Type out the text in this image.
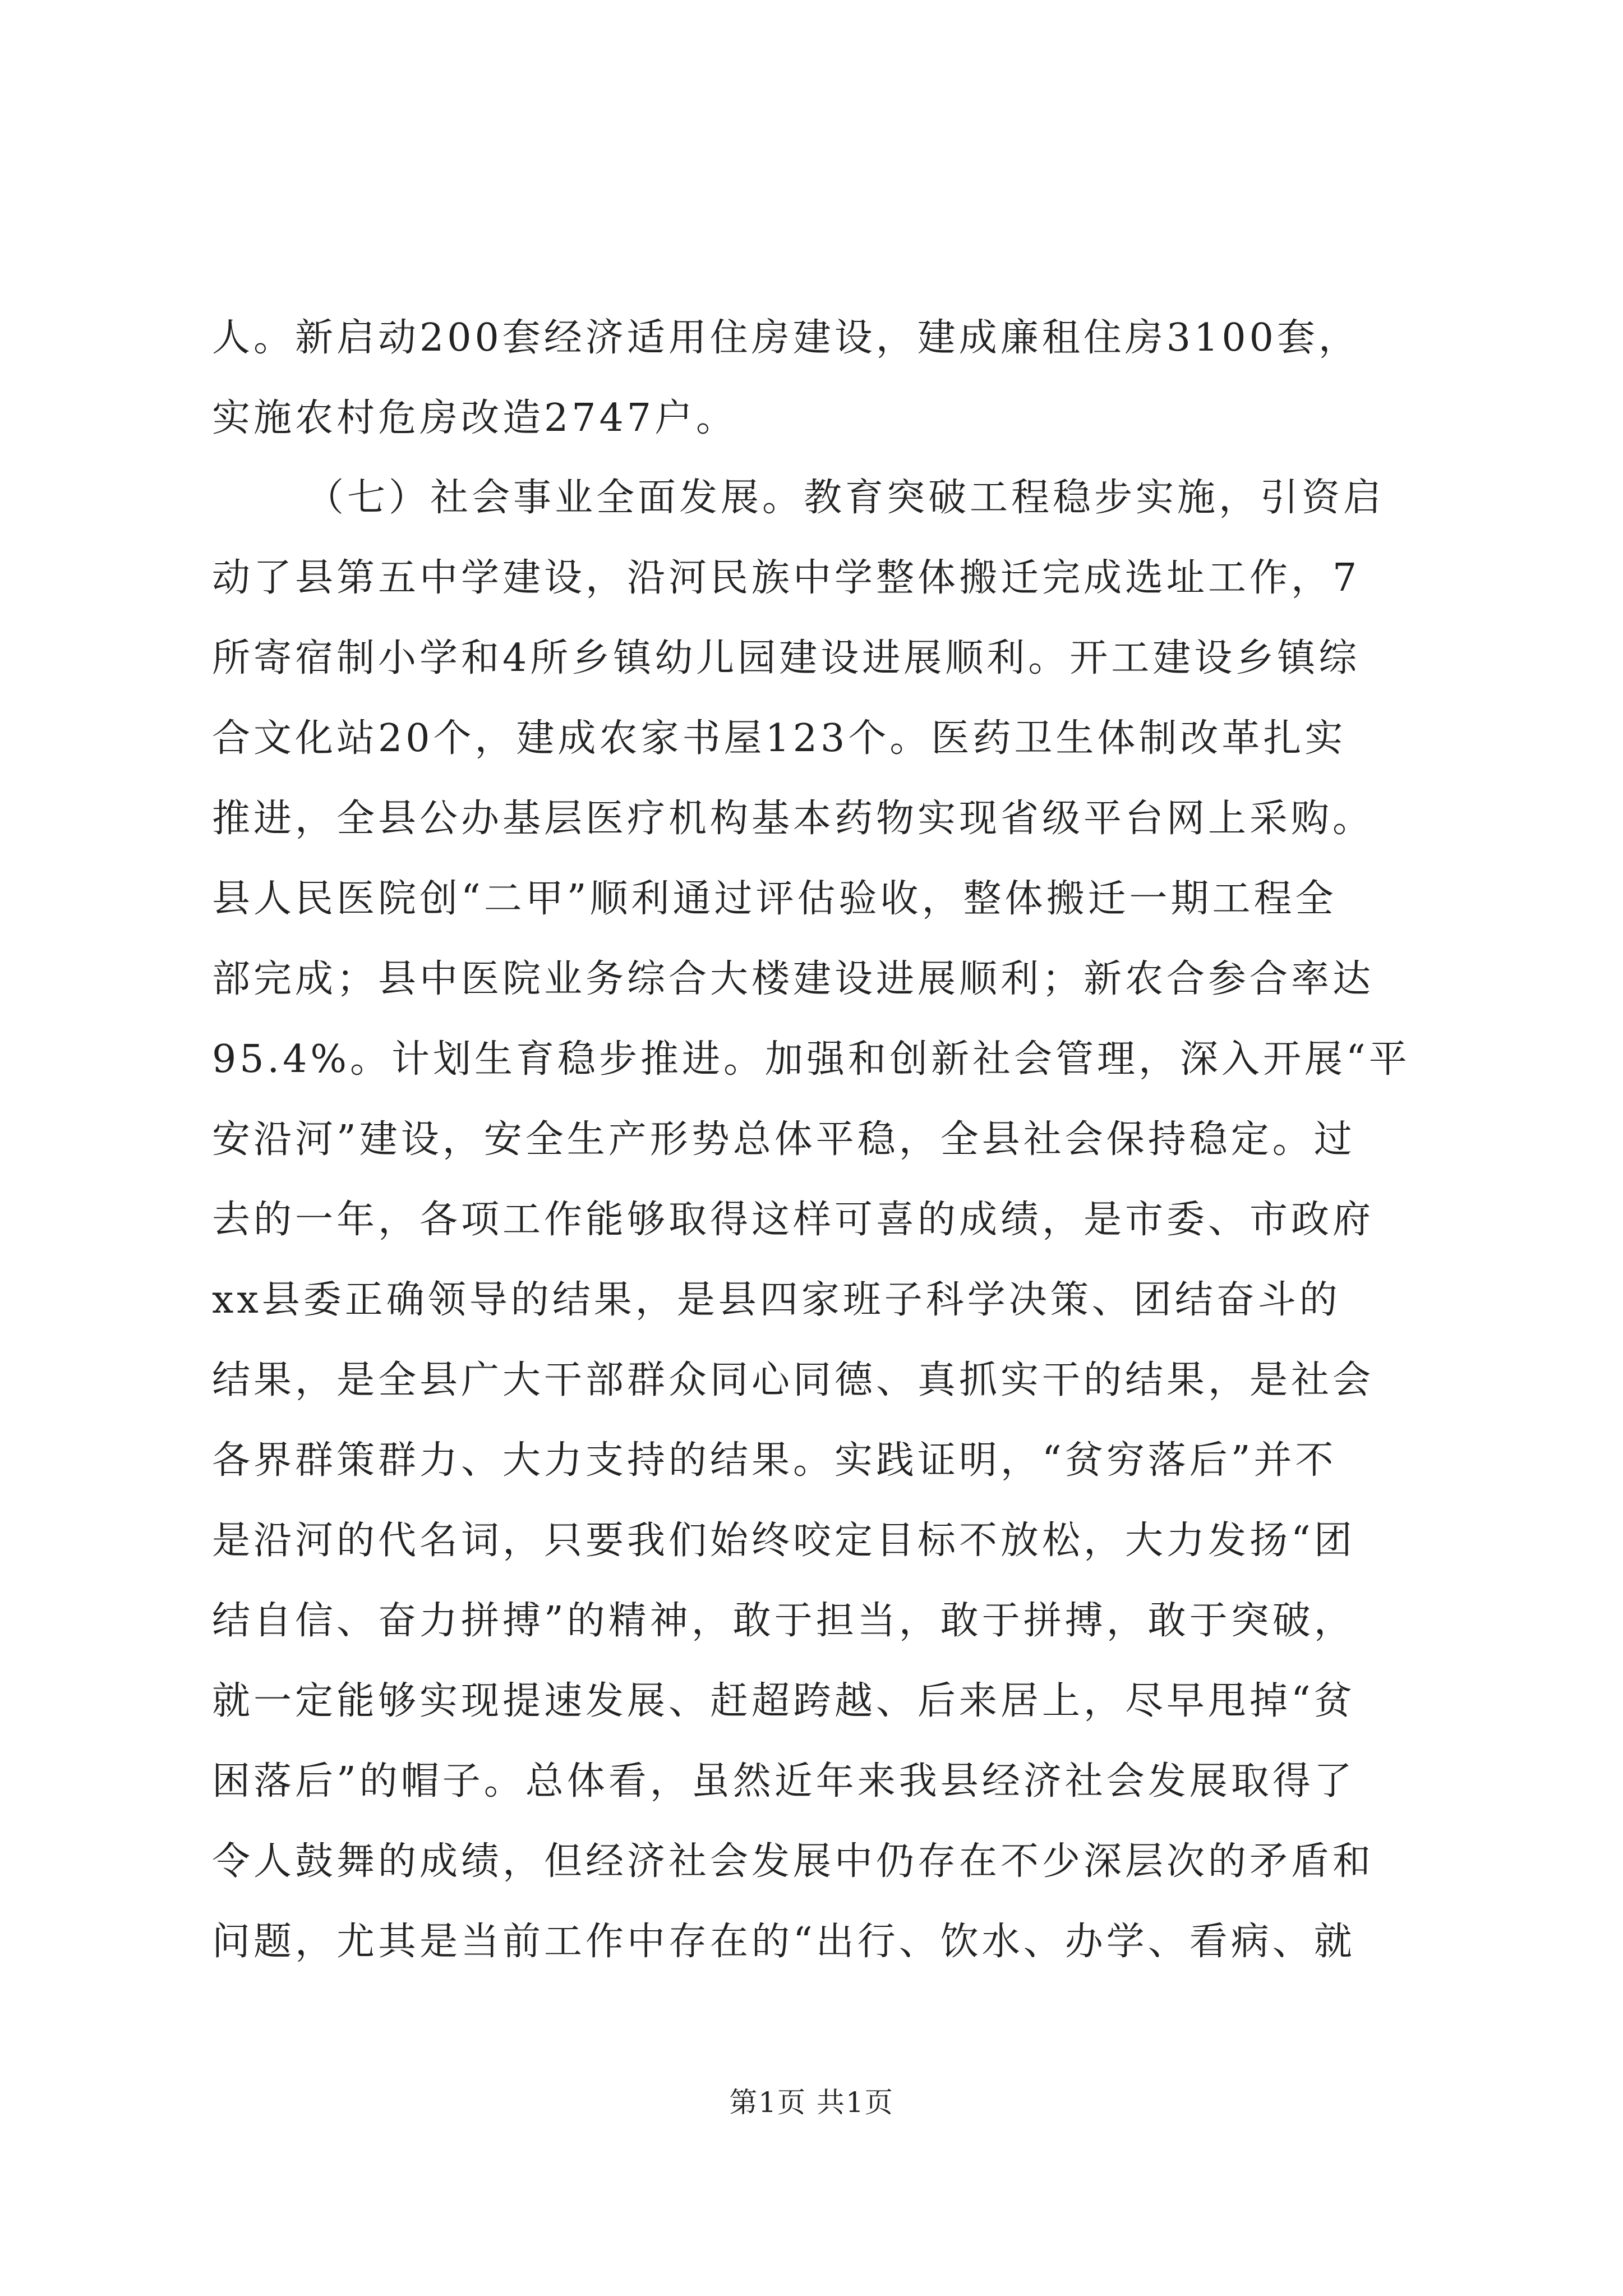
人。新启动200套经济适用住房建设，建成廉租住房3100套，
实施农村危房改造2747户。
（七）社会事业全面发展。教育突破工程稳步实施，引资启
动了县第五中学建设，沿河民族中学整体搬迁完成选址工作，7
所寄宿制小学和4所乡镇幼儿园建设进展顺利。开工建设乡镇综
合文化站20个，建成农家书屋123个。医药卫生体制改革扎实
推进，全县公办基层医疗机构基本药物实现省级平台网上采购。
县人民医院创“二甲”顺利通过评估验收，整体搬迁一期工程全
部完成；县中医院业务综合大楼建设进展顺利；新农合参合率达
95.4%。计划生育稳步推进。加强和创新社会管理，深入开展“平
安沿河”建设，安全生产形势总体平稳，全县社会保持稳定。过
去的一年，各项工作能够取得这样可喜的成绩，是市委、市政府
xx县委正确领导的结果，是县四家班子科学决策、团结奋斗的
结果，是全县广大干部群众同心同德、真抓实干的结果，是社会
各界群策群力、大力支持的结果。实践证明，“贫穷落后”并不
是沿河的代名词，只要我们始终咬定目标不放松，大力发扬“团
结自信、奋力拼搏”的精神，敢于担当，敢于拼搏，敢于突破，
就一定能够实现提速发展、赶超跨越、后来居上，尽早甩掉“贫
困落后”的帽子。总体看，虽然近年来我县经济社会发展取得了
令人鼓舞的成绩，但经济社会发展中仍存在不少深层次的矛盾和
问题，尤其是当前工作中存在的“出行、饮水、办学、看病、就
第1页 共1页
